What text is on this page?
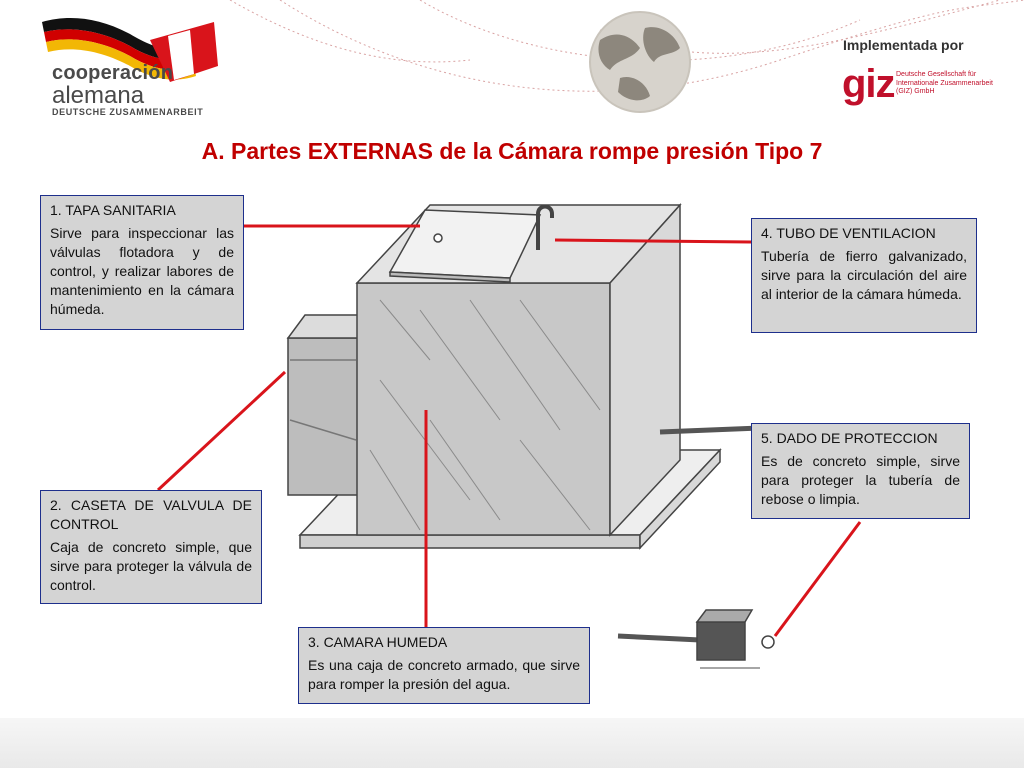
cooperación
alemana
DEUTSCHE ZUSAMMENARBEIT
Implementada por
giz Deutsche Gesellschaft für Internationale Zusammenarbeit (GIZ) GmbH
A. Partes EXTERNAS de la Cámara rompe presión Tipo 7
1. TAPA SANITARIA
Sirve para inspeccionar las válvulas flotadora y de control, y realizar labores de mantenimiento en la cámara húmeda.
2. CASETA DE VALVULA DE CONTROL
Caja de concreto simple, que sirve para proteger la válvula de control.
3. CAMARA HUMEDA
Es una caja de concreto armado, que sirve para romper la presión del agua.
4. TUBO DE VENTILACION
Tubería de fierro galvanizado, sirve para la circulación del aire al interior de la cámara húmeda.
5. DADO DE PROTECCION
Es de concreto simple, sirve para proteger la tubería de rebose o limpia.
